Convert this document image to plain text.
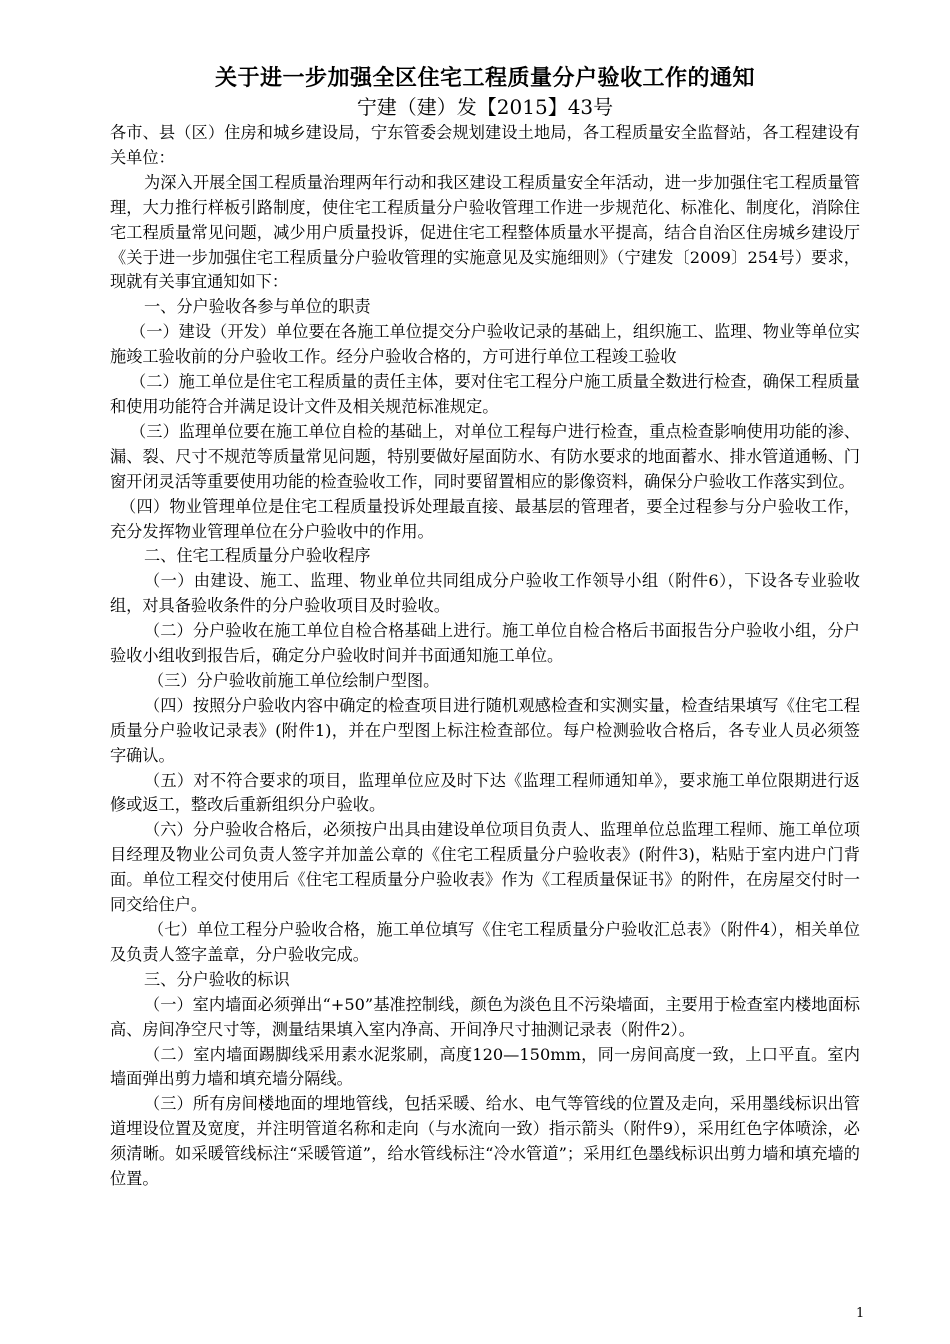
关于进一步加强全区住宅工程质量分户验收工作的通知
宁建（建）发【2015】43号

各市、县（区）住房和城乡建设局，宁东管委会规划建设土地局，各工程质量安全监督站，各工程建设有关单位：

为深入开展全国工程质量治理两年行动和我区建设工程质量安全年活动，进一步加强住宅工程质量管理，大力推行样板引路制度，使住宅工程质量分户验收管理工作进一步规范化、标准化、制度化，消除住宅工程质量常见问题，减少用户质量投诉，促进住宅工程整体质量水平提高，结合自治区住房城乡建设厅《关于进一步加强住宅工程质量分户验收管理的实施意见及实施细则》（宁建发〔2009〕254号）要求，现就有关事宜通知如下：

一、分户验收各参与单位的职责

（一）建设（开发）单位要在各施工单位提交分户验收记录的基础上，组织施工、监理、物业等单位实施竣工验收前的分户验收工作。经分户验收合格的，方可进行单位工程竣工验收

（二）施工单位是住宅工程质量的责任主体，要对住宅工程分户施工质量全数进行检查，确保工程质量和使用功能符合并满足设计文件及相关规范标准规定。

（三）监理单位要在施工单位自检的基础上，对单位工程每户进行检查，重点检查影响使用功能的渗、漏、裂、尺寸不规范等质量常见问题，特别要做好屋面防水、有防水要求的地面蓄水、排水管道通畅、门窗开闭灵活等重要使用功能的检查验收工作，同时要留置相应的影像资料，确保分户验收工作落实到位。

（四）物业管理单位是住宅工程质量投诉处理最直接、最基层的管理者，要全过程参与分户验收工作，充分发挥物业管理单位在分户验收中的作用。

二、住宅工程质量分户验收程序

（一）由建设、施工、监理、物业单位共同组成分户验收工作领导小组（附件6），下设各专业验收组，对具备验收条件的分户验收项目及时验收。

（二）分户验收在施工单位自检合格基础上进行。施工单位自检合格后书面报告分户验收小组，分户验收小组收到报告后，确定分户验收时间并书面通知施工单位。

（三）分户验收前施工单位绘制户型图。

（四）按照分户验收内容中确定的检查项目进行随机观感检查和实测实量，检查结果填写《住宅工程质量分户验收记录表》(附件1)，并在户型图上标注检查部位。每户检测验收合格后，各专业人员必须签字确认。

（五）对不符合要求的项目，监理单位应及时下达《监理工程师通知单》，要求施工单位限期进行返修或返工，整改后重新组织分户验收。

（六）分户验收合格后，必须按户出具由建设单位项目负责人、监理单位总监理工程师、施工单位项目经理及物业公司负责人签字并加盖公章的《住宅工程质量分户验收表》(附件3)，粘贴于室内进户门背面。单位工程交付使用后《住宅工程质量分户验收表》作为《工程质量保证书》的附件，在房屋交付时一同交给住户。

（七）单位工程分户验收合格，施工单位填写《住宅工程质量分户验收汇总表》（附件4），相关单位及负责人签字盖章，分户验收完成。

三、分户验收的标识

（一）室内墙面必须弹出“+50”基准控制线，颜色为淡色且不污染墙面，主要用于检查室内楼地面标高、房间净空尺寸等，测量结果填入室内净高、开间净尺寸抽测记录表（附件2）。

（二）室内墙面踢脚线采用素水泥浆刷，高度120—150mm，同一房间高度一致，上口平直。室内墙面弹出剪力墙和填充墙分隔线。

（三）所有房间楼地面的埋地管线，包括采暖、给水、电气等管线的位置及走向，采用墨线标识出管道埋设位置及宽度，并注明管道名称和走向（与水流向一致）指示箭头（附件9），采用红色字体喷涂，必须清晰。如采暖管线标注“采暖管道”，给水管线标注“冷水管道”；采用红色墨线标识出剪力墙和填充墙的位置。

1
